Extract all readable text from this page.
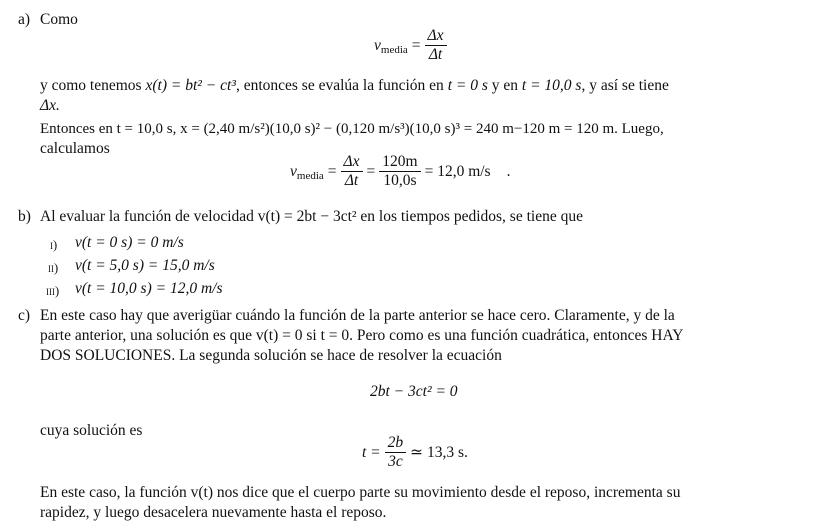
a) Como
$v_{media} = \frac{\Delta x}{\Delta t}$
y como tenemos x(t) = bt² − ct³, entonces se evalúa la función en t = 0 s y en t = 10,0 s, y así se tiene
Δx.
Entonces en t = 10,0 s, x = (2,40 m/s²)(10,0 s)² − (0,120 m/s³)(10,0 s)³ = 240 m−120 m = 120 m. Luego,
calculamos
$v_{media} = \frac{\Delta x}{\Delta t} = \frac{120m}{10,0s} = 12,0$ m/s .
b) Al evaluar la función de velocidad v(t) = 2bt − 3ct² en los tiempos pedidos, se tiene que
i) v(t = 0 s) = 0 m/s
ii) v(t = 5,0 s) = 15,0 m/s
iii) v(t = 10,0 s) = 12,0 m/s
c) En este caso hay que averigüar cuándo la función de la parte anterior se hace cero. Claramente, y de la
parte anterior, una solución es que v(t) = 0 si t = 0. Pero como es una función cuadrática, entonces HAY
DOS SOLUCIONES. La segunda solución se hace de resolver la ecuación
2bt − 3ct² = 0
cuya solución es
$t = \frac{2b}{3c}$ ≃ 13,3 s.
En este caso, la función v(t) nos dice que el cuerpo parte su movimiento desde el reposo, incrementa su
rapidez, y luego desacelera nuevamente hasta el reposo.
